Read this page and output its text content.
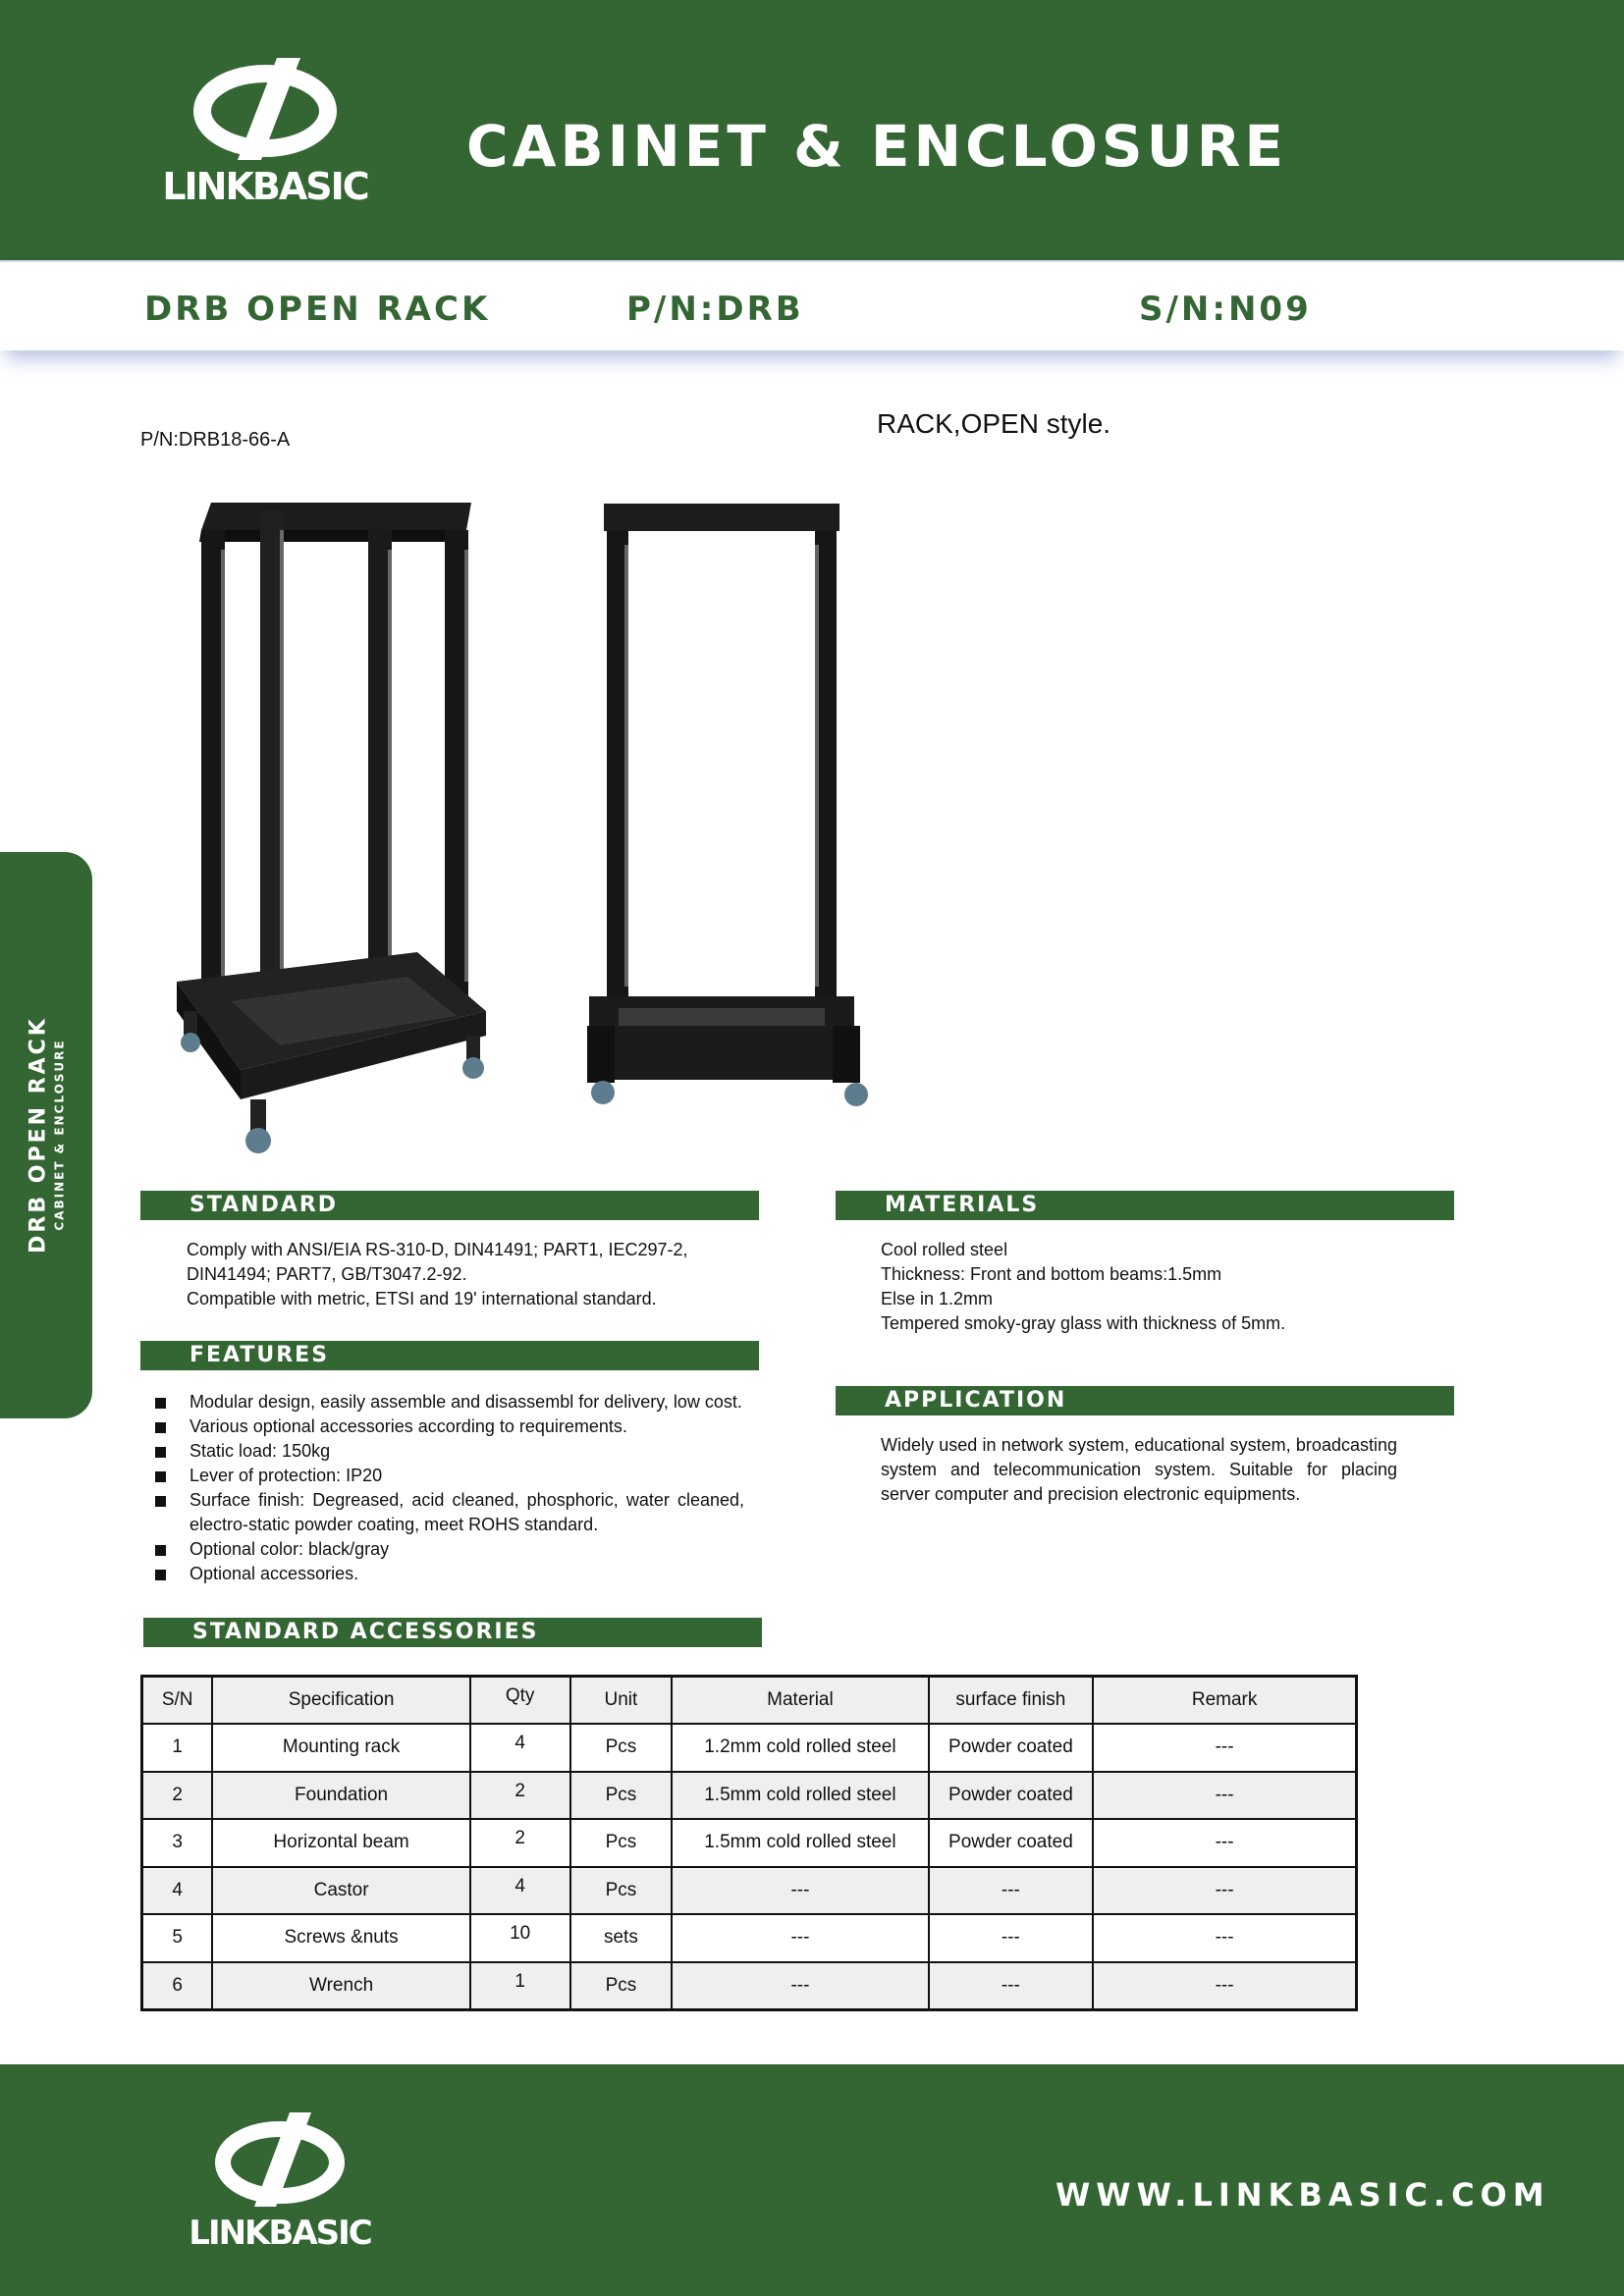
LINKBASIC
CABINET & ENCLOSURE
DRB OPEN RACK	P/N:DRB	S/N:N09
P/N:DRB18-66-A
RACK,OPEN style.
DRB OPEN RACK CABINET & ENCLOSURE	STANDARD
Comply with ANSI/EIA RS-310-D, DIN41491; PART1, IEC297-2,
DIN41494; PART7, GB/T3047.2-92.
Compatible with metric, ETSI and 19' international standard.
FEATURES
Modular design, easily assemble and disassembl for delivery, low cost.
Various optional accessories according to requirements.
Static load: 150kg
Lever of protection: IP20
Surface finish: Degreased, acid cleaned, phosphoric, water cleaned, electro-static powder coating, meet ROHS standard.
Optional color: black/gray
Optional accessories.
MATERIALS
Cool rolled steel
Thickness: Front and bottom beams:1.5mm
Else in 1.2mm
Tempered smoky-gray glass with thickness of 5mm.
APPLICATION
Widely used in network system, educational system, broadcasting system and telecommunication system. Suitable for placing server computer and precision electronic equipments.
STANDARD ACCESSORIES
S/N	Specification	Qty	Unit	Material	surface finish	Remark
1	Mounting rack	4	Pcs	1.2mm cold rolled steel	Powder coated	---
2	Foundation	2	Pcs	1.5mm cold rolled steel	Powder coated	---
3	Horizontal beam	2	Pcs	1.5mm cold rolled steel	Powder coated	---
4	Castor	4	Pcs	---	---	---
5	Screws &nuts	10	sets	---	---	---
6	Wrench	1	Pcs	---	---	---
LINKBASIC
WWW.LINKBASIC.COM
